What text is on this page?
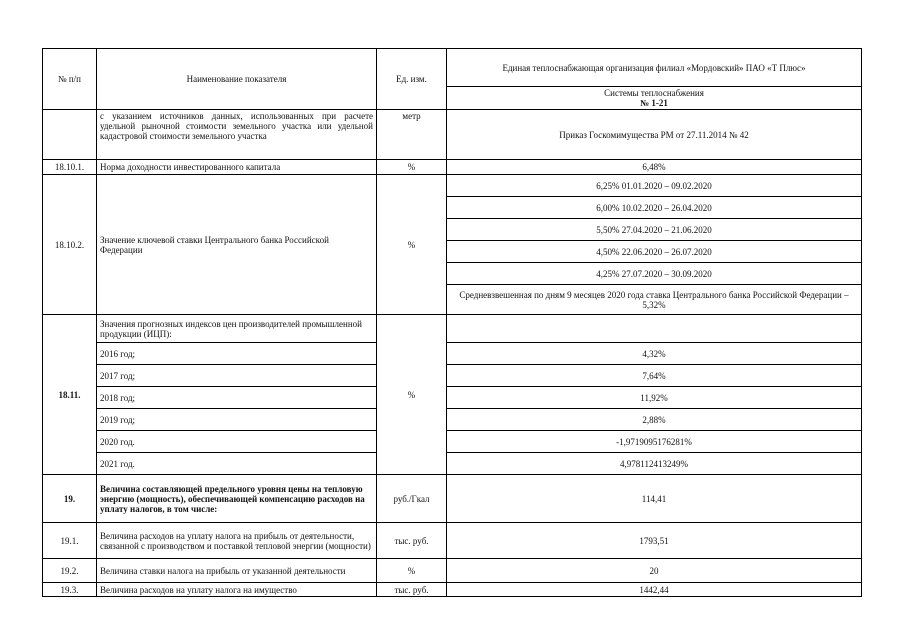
№ п/п	Наименование показателя	Ед. изм.	Единая теплоснабжающая организация филиал «Мордовский» ПАО «Т Плюс»

			Системы теплоснабжения
№ 1-21

	с указанием источников данных, использованных при расчете удельной рыночной стоимости земельного участка или удельной кадастровой стоимости земельного участка	метр	Приказ Госкомимущества РМ от 27.11.2014 № 42
18.10.1.	Норма доходности инвестированного капитала	%	6,48%
18.10.2.	Значение ключевой ставки Центрального банка Российской Федерации	%	6,25% 01.01.2020 – 09.02.2020
			6,00% 10.02.2020 – 26.04.2020
			5,50% 27.04.2020 – 21.06.2020
			4,50% 22.06.2020 – 26.07.2020
			4,25% 27.07.2020 – 30.09.2020
			Средневзвешенная по дням 9 месяцев 2020 года ставка Центрального банка Российской Федерации – 5,32%
18.11.	Значения прогнозных индексов цен производителей промышленной продукции (ИЦП):	%	
	2016 год;		4,32%
	2017 год;		7,64%
	2018 год;		11,92%
	2019 год;		2,88%
	2020 год.		-1,9719095176281%
	2021 год.		4,978112413249%
19.	Величина составляющей предельного уровня цены на тепловую энергию (мощность), обеспечивающей компенсацию расходов на уплату налогов, в том числе:	руб./Гкал	114,41
19.1.	Величина расходов на уплату налога на прибыль от деятельности, связанной с производством и поставкой тепловой энергии (мощности)	тыс. руб.	1793,51
19.2.	Величина ставки налога на прибыль от указанной деятельности	%	20
19.3.	Величина расходов на уплату налога на имущество	тыс. руб.	1442,44
